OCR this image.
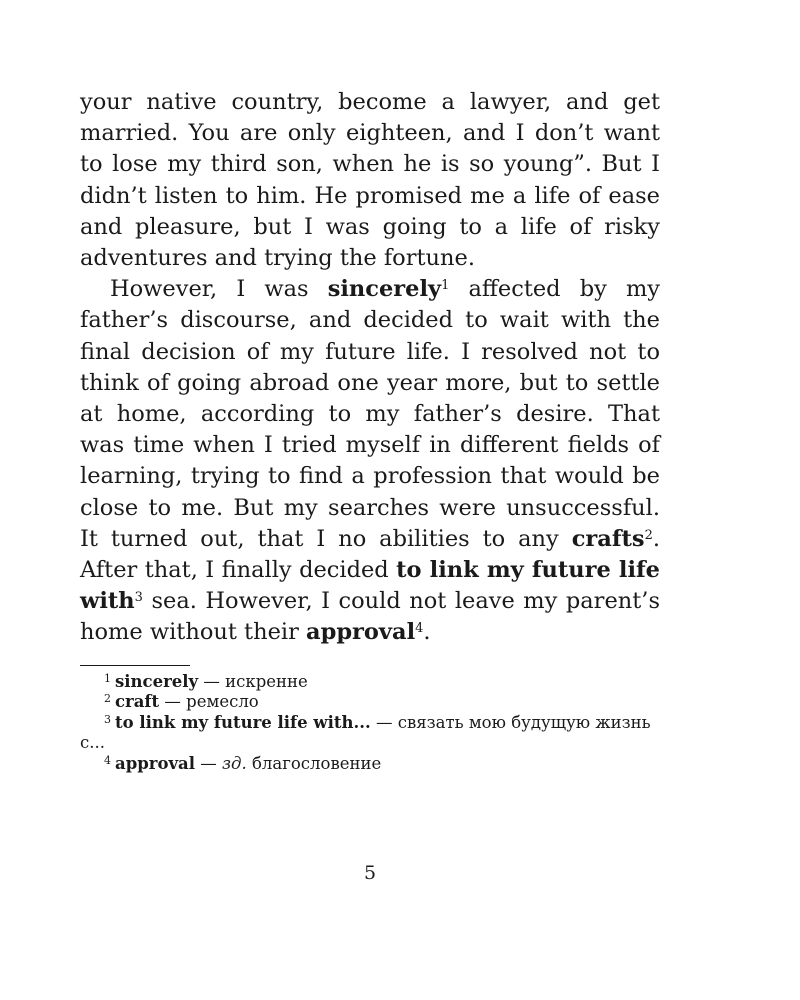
your native country, become a lawyer, and get married. You are only eighteen, and I don’t want to lose my third son, when he is so young”. But I didn’t listen to him. He promised me a life of ease and pleasure, but I was going to a life of risky adventures and trying the fortune.

However, I was sincerely$^1$ affected by my father’s discourse, and decided to wait with the final decision of my future life. I resolved not to think of going abroad one year more, but to settle at home, according to my father’s desire. That was time when I tried myself in different fields of learning, trying to find a profession that would be close to me. But my searches were unsuccessful. It turned out, that I no abilities to any crafts$^2$. After that, I finally decided to link my future life with$^3$ sea. However, I could not leave my parent’s home without their approval$^4$.

$^1$ sincerely — искренне

$^2$ craft — ремесло

$^3$ to link my future life with... — связать мою будущую жизнь с...

$^4$ approval — зд. благословение

5
